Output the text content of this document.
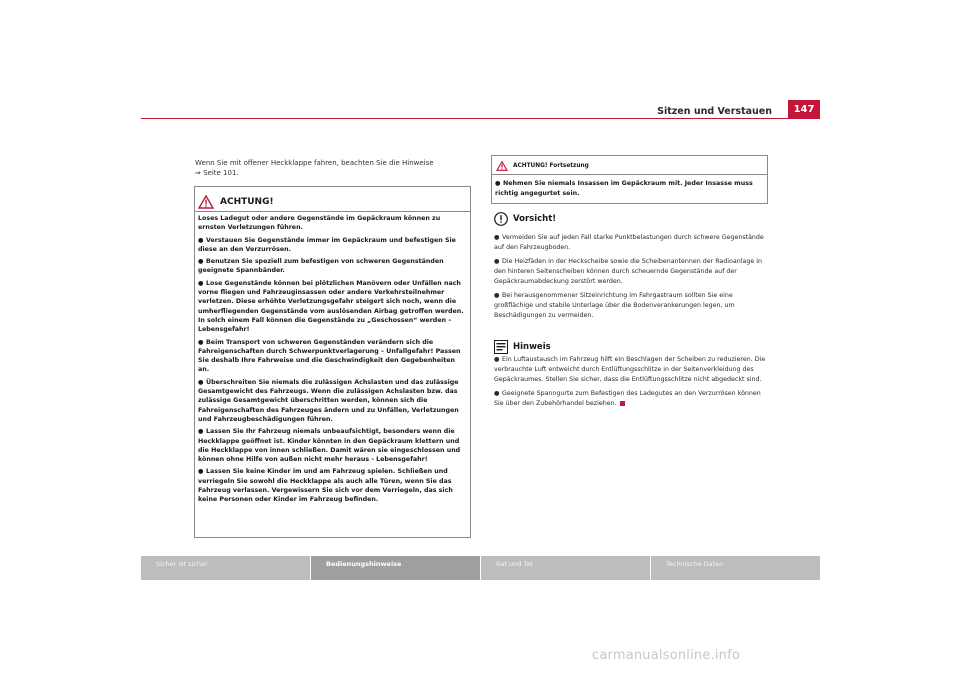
Sitzen und Verstauen	147
Wenn Sie mit offener Heckklappe fahren, beachten Sie die Hinweise
⇒ Seite 101.
ACHTUNG!

Loses Ladegut oder andere Gegenstände im Gepäckraum können zu ernsten Verletzungen führen.

● Verstauen Sie Gegenstände immer im Gepäckraum und befestigen Sie diese an den Verzurrösen.

● Benutzen Sie speziell zum befestigen von schweren Gegenständen geeignete Spannbänder.

● Lose Gegenstände können bei plötzlichen Manövern oder Unfällen nach vorne fliegen und Fahrzeuginsassen oder andere Verkehrsteilnehmer verletzen. Diese erhöhte Verletzungsgefahr steigert sich noch, wenn die umherfliegenden Gegenstände vom auslösenden Airbag getroffen werden. In solch einem Fall können die Gegenstände zu „Geschossen“ werden – Lebensgefahr!

● Beim Transport von schweren Gegenständen verändern sich die Fahreigenschaften durch Schwerpunktverlagerung – Unfallgefahr! Passen Sie deshalb Ihre Fahrweise und die Geschwindigkeit den Gegebenheiten an.

● Überschreiten Sie niemals die zulässigen Achslasten und das zulässige Gesamtgewicht des Fahrzeugs. Wenn die zulässigen Achslasten bzw. das zulässige Gesamtgewicht überschritten werden, können sich die Fahreigenschaften des Fahrzeuges ändern und zu Unfällen, Verletzungen und Fahrzeugbeschädigungen führen.

● Lassen Sie Ihr Fahrzeug niemals unbeaufsichtigt, besonders wenn die Heckklappe geöffnet ist. Kinder könnten in den Gepäckraum klettern und die Heckklappe von innen schließen. Damit wären sie eingeschlossen und können ohne Hilfe von außen nicht mehr heraus - Lebensgefahr!

● Lassen Sie keine Kinder im und am Fahrzeug spielen. Schließen und verriegeln Sie sowohl die Heckklappe als auch alle Türen, wenn Sie das Fahrzeug verlassen. Vergewissern Sie sich vor dem Verriegeln, das sich keine Personen oder Kinder im Fahrzeug befinden.

ACHTUNG! Fortsetzung
● Nehmen Sie niemals Insassen im Gepäckraum mit. Jeder Insasse muss richtig angegurtet sein.
Vorsicht!

● Vermeiden Sie auf jeden Fall starke Punktbelastungen durch schwere Gegenstände auf den Fahrzeugboden.

● Die Heizfäden in der Heckscheibe sowie die Scheibenantennen der Radioanlage in den hinteren Seitenscheiben können durch scheuernde Gegenstände auf der Gepäckraumabdeckung zerstört werden.

● Bei herausgenommener Sitzeinrichtung im Fahrgastraum sollten Sie eine großflächige und stabile Unterlage über die Bodenverankerungen legen, um Beschädigungen zu vermeiden.

Hinweis

● Ein Luftaustausch im Fahrzeug hilft ein Beschlagen der Scheiben zu reduzieren. Die verbrauchte Luft entweicht durch Entlüftungsschlitze in der Seitenverkleidung des Gepäckraumes. Stellen Sie sicher, dass die Entlüftungsschlitze nicht abgedeckt sind.

● Geeignete Spanngurte zum Befestigen des Ladegutes an den Verzurrösen können Sie über den Zubehörhandel beziehen.

Sicher ist sicher	Bedienungshinweise	Rat und Tat	Technische Daten
carmanualsonline.info
